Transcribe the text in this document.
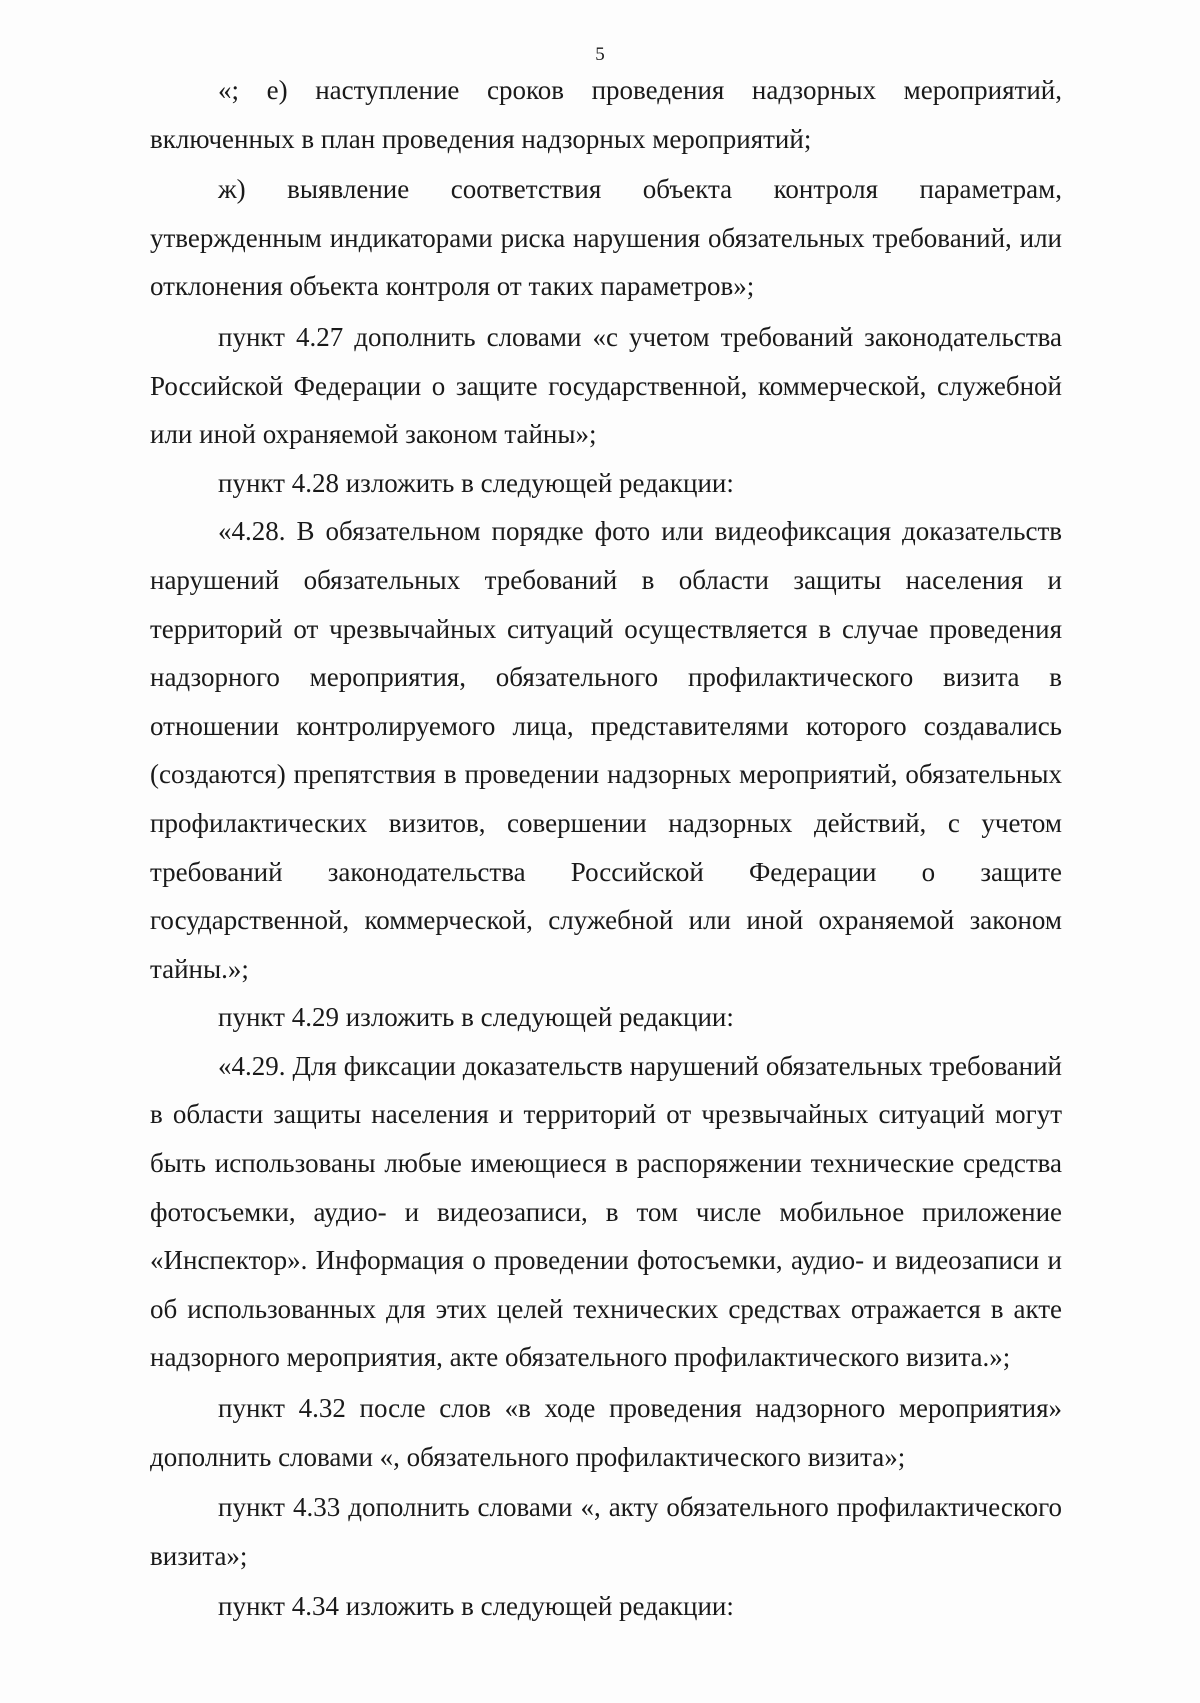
5

«; е) наступление сроков проведения надзорных мероприятий, включенных в план проведения надзорных мероприятий;

ж) выявление соответствия объекта контроля параметрам, утвержденным индикаторами риска нарушения обязательных требований, или отклонения объекта контроля от таких параметров»;

пункт 4.27 дополнить словами «с учетом требований законодательства Российской Федерации о защите государственной, коммерческой, служебной или иной охраняемой законом тайны»;

пункт 4.28 изложить в следующей редакции:

«4.28. В обязательном порядке фото или видеофиксация доказательств нарушений обязательных требований в области защиты населения и территорий от чрезвычайных ситуаций осуществляется в случае проведения надзорного мероприятия, обязательного профилактического визита в отношении контролируемого лица, представителями которого создавались (создаются) препятствия в проведении надзорных мероприятий, обязательных профилактических визитов, совершении надзорных действий, с учетом требований законодательства Российской Федерации о защите государственной, коммерческой, служебной или иной охраняемой законом тайны.»;

пункт 4.29 изложить в следующей редакции:

«4.29. Для фиксации доказательств нарушений обязательных требований в области защиты населения и территорий от чрезвычайных ситуаций могут быть использованы любые имеющиеся в распоряжении технические средства фотосъемки, аудио- и видеозаписи, в том числе мобильное приложение «Инспектор». Информация о проведении фотосъемки, аудио- и видеозаписи и об использованных для этих целей технических средствах отражается в акте надзорного мероприятия, акте обязательного профилактического визита.»;

пункт 4.32 после слов «в ходе проведения надзорного мероприятия» дополнить словами «, обязательного профилактического визита»;

пункт 4.33 дополнить словами «, акту обязательного профилактического визита»;

пункт 4.34 изложить в следующей редакции:
